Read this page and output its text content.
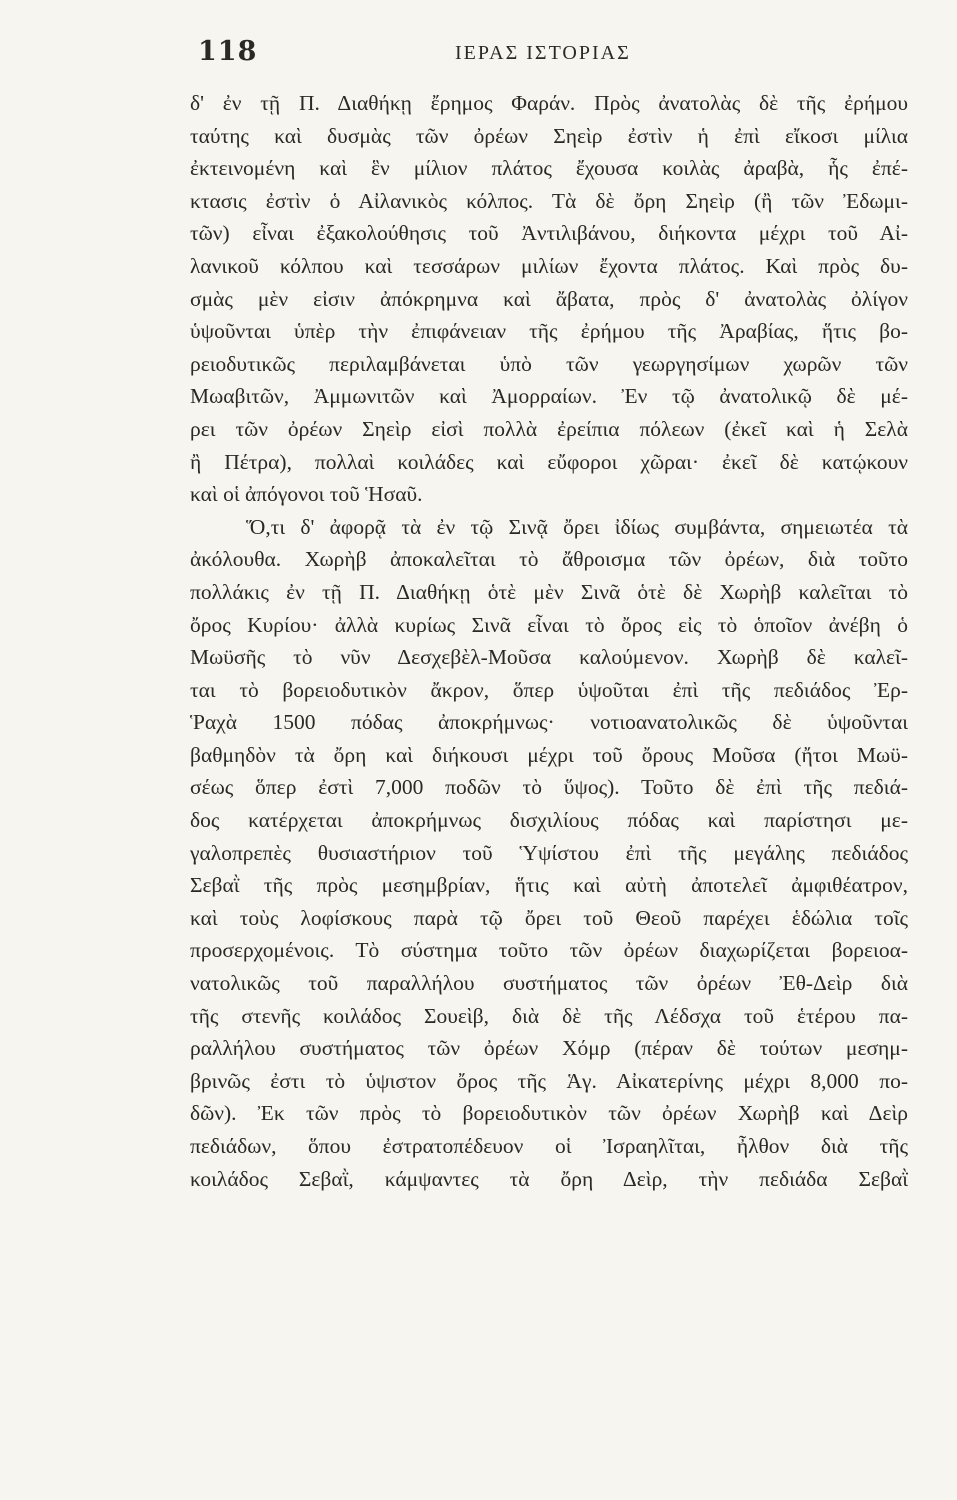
118	ΙΕΡΑΣ ΙΣΤΟΡΙΑΣ
δ' ἐν τῇ Π. Διαθήκῃ ἔρημος Φαράν. Πρὸς ἀνατολὰς δὲ τῆς ἐρήμου
ταύτης καὶ δυσμὰς τῶν ὀρέων Σηεὶρ ἐστὶν ἡ ἐπὶ εἴκοσι μίλια
ἐκτεινομένη καὶ ἓν μίλιον πλάτος ἔχουσα κοιλὰς ἀραβὰ, ἧς ἐπέ-
κτασις ἐστὶν ὁ Αἰλανικὸς κόλπος. Τὰ δὲ ὄρη Σηεὶρ (ἢ τῶν Ἐδωμι-
τῶν) εἶναι ἐξακολούθησις τοῦ Ἀντιλιβάνου, διήκοντα μέχρι τοῦ Αἰ-
λανικοῦ κόλπου καὶ τεσσάρων μιλίων ἔχοντα πλάτος. Καὶ πρὸς δυ-
σμὰς μὲν εἰσιν ἀπόκρημνα καὶ ἄβατα, πρὸς δ' ἀνατολὰς ὀλίγον
ὑψοῦνται ὑπὲρ τὴν ἐπιφάνειαν τῆς ἐρήμου τῆς Ἀραβίας, ἥτις βο-
ρειοδυτικῶς περιλαμβάνεται ὑπὸ τῶν γεωργησίμων χωρῶν τῶν
Μωαβιτῶν, Ἀμμωνιτῶν καὶ Ἀμορραίων. Ἐν τῷ ἀνατολικῷ δὲ μέ-
ρει τῶν ὀρέων Σηεὶρ εἰσὶ πολλὰ ἐρείπια πόλεων (ἐκεῖ καὶ ἡ Σελὰ
ἢ Πέτρα), πολλαὶ κοιλάδες καὶ εὔφοροι χῶραι· ἐκεῖ δὲ κατῴκουν
καὶ οἱ ἀπόγονοι τοῦ Ἡσαῦ.
Ὅ,τι δ' ἀφορᾷ τὰ ἐν τῷ Σινᾷ ὄρει ἰδίως συμβάντα, σημειωτέα τὰ
ἀκόλουθα. Χωρὴβ ἀποκαλεῖται τὸ ἄθροισμα τῶν ὀρέων, διὰ τοῦτο
πολλάκις ἐν τῇ Π. Διαθήκῃ ὁτὲ μὲν Σινᾶ ὁτὲ δὲ Χωρὴβ καλεῖται τὸ
ὄρος Κυρίου· ἀλλὰ κυρίως Σινᾶ εἶναι τὸ ὄρος εἰς τὸ ὁποῖον ἀνέβη ὁ
Μωϋσῆς τὸ νῦν Δεσχεβὲλ-Μοῦσα καλούμενον. Χωρὴβ δὲ καλεῖ-
ται τὸ βορειοδυτικὸν ἄκρον, ὅπερ ὑψοῦται ἐπὶ τῆς πεδιάδος Ἐρ-
Ῥαχὰ 1500 πόδας ἀποκρήμνως· νοτιοανατολικῶς δὲ ὑψοῦνται
βαθμηδὸν τὰ ὄρη καὶ διήκουσι μέχρι τοῦ ὄρους Μοῦσα (ἤτοι Μωϋ-
σέως ὅπερ ἐστὶ 7,000 ποδῶν τὸ ὕψος). Τοῦτο δὲ ἐπὶ τῆς πεδιά-
δος κατέρχεται ἀποκρήμνως δισχιλίους πόδας καὶ παρίστησι με-
γαλοπρεπὲς θυσιαστήριον τοῦ Ὑψίστου ἐπὶ τῆς μεγάλης πεδιάδος
Σεβαῒ τῆς πρὸς μεσημβρίαν, ἥτις καὶ αὐτὴ ἀποτελεῖ ἀμφιθέατρον,
καὶ τοὺς λοφίσκους παρὰ τῷ ὄρει τοῦ Θεοῦ παρέχει ἑδώλια τοῖς
προσερχομένοις. Τὸ σύστημα τοῦτο τῶν ὀρέων διαχωρίζεται βορειοα-
νατολικῶς τοῦ παραλλήλου συστήματος τῶν ὀρέων Ἐθ-Δεὶρ διὰ
τῆς στενῆς κοιλάδος Σουεὶβ, διὰ δὲ τῆς Λέδσχα τοῦ ἑτέρου πα-
ραλλήλου συστήματος τῶν ὀρέων Χόμρ (πέραν δὲ τούτων μεσημ-
βρινῶς ἐστι τὸ ὑψιστον ὄρος τῆς Ἁγ. Αἰκατερίνης μέχρι 8,000 πο-
δῶν). Ἐκ τῶν πρὸς τὸ βορειοδυτικὸν τῶν ὀρέων Χωρὴβ καὶ Δεὶρ
πεδιάδων, ὅπου ἐστρατοπέδευον οἱ Ἰσραηλῖται, ἦλθον διὰ τῆς
κοιλάδος Σεβαῒ, κάμψαντες τὰ ὄρη Δεὶρ, τὴν πεδιάδα Σεβαῒ
